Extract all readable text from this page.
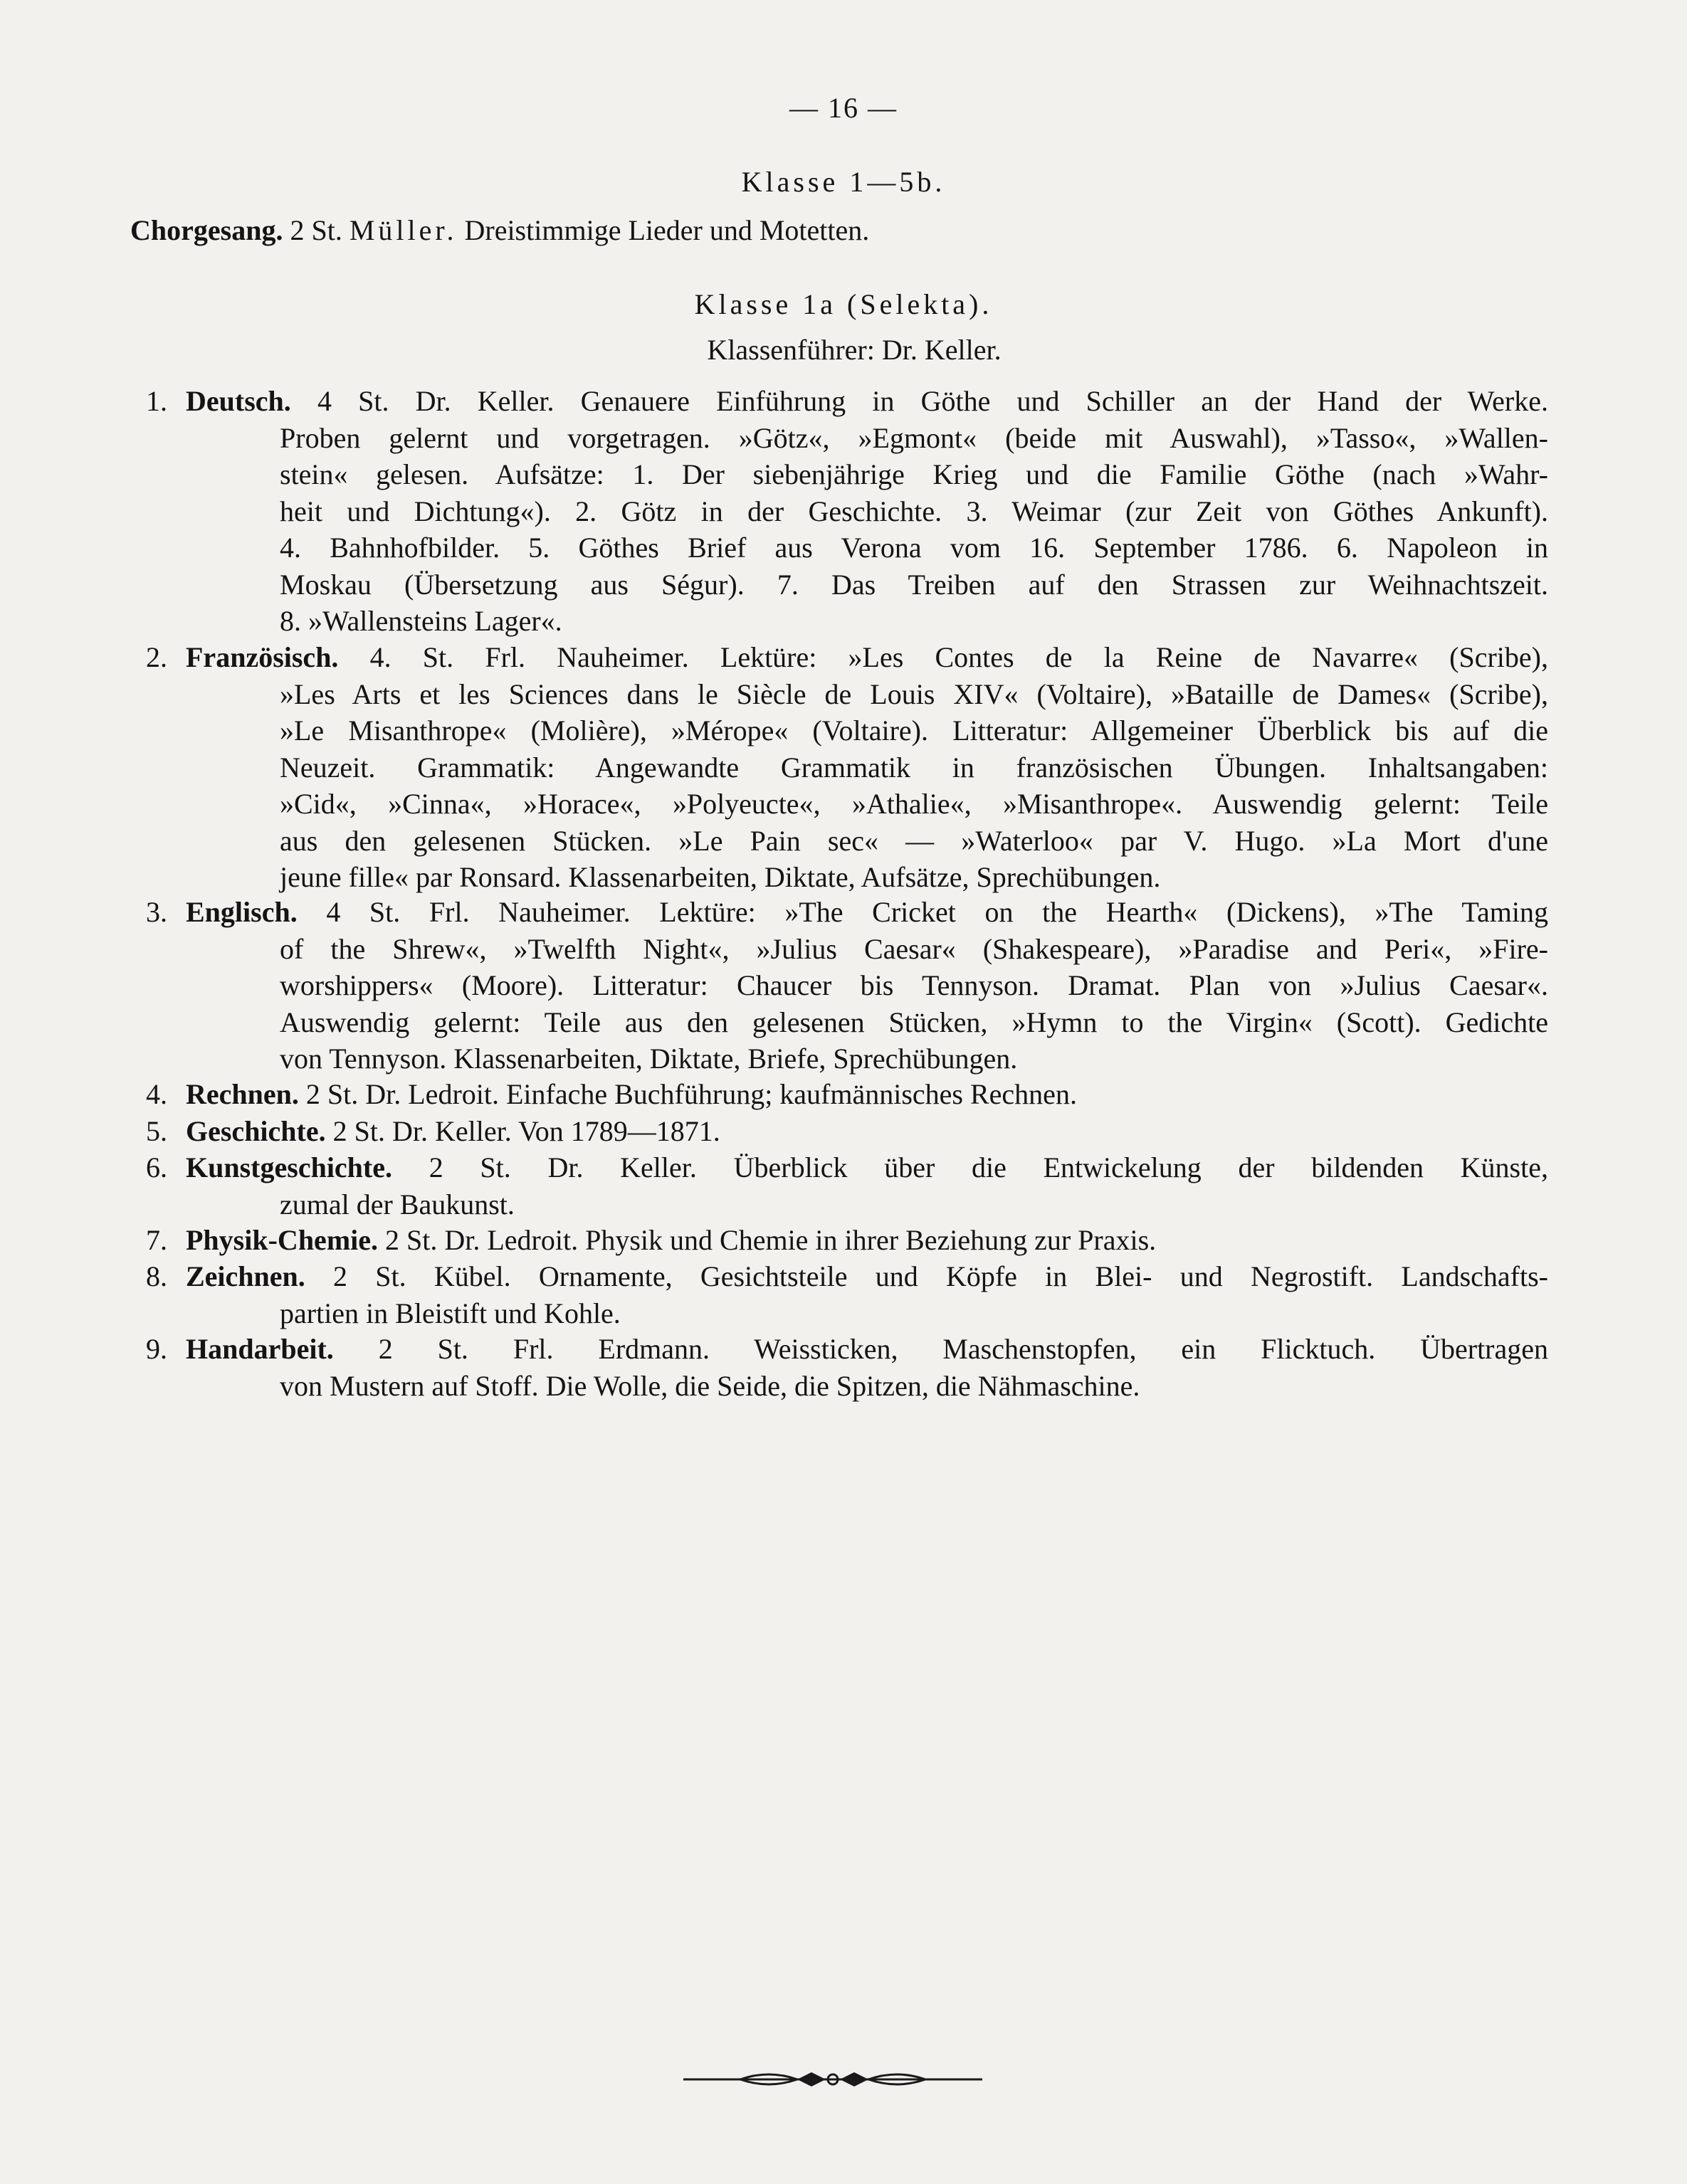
— 16 —
Klasse 1—5b.
Chorgesang. 2 St. Müller. Dreistimmige Lieder und Motetten.
Klasse 1a (Selekta).
Klassenführer: Dr. Keller.
1. Deutsch. 4 St. Dr. Keller. Genauere Einführung in Göthe und Schiller an der Hand der Werke.
Proben gelernt und vorgetragen. »Götz«, »Egmont« (beide mit Auswahl), »Tasso«, »Wallen-
stein« gelesen. Aufsätze: 1. Der siebenjährige Krieg und die Familie Göthe (nach »Wahr-
heit und Dichtung«). 2. Götz in der Geschichte. 3. Weimar (zur Zeit von Göthes Ankunft).
4. Bahnhofbilder. 5. Göthes Brief aus Verona vom 16. September 1786. 6. Napoleon in
Moskau (Übersetzung aus Ségur). 7. Das Treiben auf den Strassen zur Weihnachtszeit.
8. »Wallensteins Lager«.
2. Französisch. 4. St. Frl. Nauheimer. Lektüre: »Les Contes de la Reine de Navarre« (Scribe),
»Les Arts et les Sciences dans le Siècle de Louis XIV« (Voltaire), »Bataille de Dames« (Scribe),
»Le Misanthrope« (Molière), »Mérope« (Voltaire). Litteratur: Allgemeiner Überblick bis auf die
Neuzeit. Grammatik: Angewandte Grammatik in französischen Übungen. Inhaltsangaben:
»Cid«, »Cinna«, »Horace«, »Polyeucte«, »Athalie«, »Misanthrope«. Auswendig gelernt: Teile
aus den gelesenen Stücken. »Le Pain sec« — »Waterloo« par V. Hugo. »La Mort d'une
jeune fille« par Ronsard. Klassenarbeiten, Diktate, Aufsätze, Sprechübungen.
3. Englisch. 4 St. Frl. Nauheimer. Lektüre: »The Cricket on the Hearth« (Dickens), »The Taming
of the Shrew«, »Twelfth Night«, »Julius Caesar« (Shakespeare), »Paradise and Peri«, »Fire-
worshippers« (Moore). Litteratur: Chaucer bis Tennyson. Dramat. Plan von »Julius Caesar«.
Auswendig gelernt: Teile aus den gelesenen Stücken, »Hymn to the Virgin« (Scott). Gedichte
von Tennyson. Klassenarbeiten, Diktate, Briefe, Sprechübungen.
4. Rechnen. 2 St. Dr. Ledroit. Einfache Buchführung; kaufmännisches Rechnen.
5. Geschichte. 2 St. Dr. Keller. Von 1789—1871.
6. Kunstgeschichte. 2 St. Dr. Keller. Überblick über die Entwickelung der bildenden Künste,
zumal der Baukunst.
7. Physik-Chemie. 2 St. Dr. Ledroit. Physik und Chemie in ihrer Beziehung zur Praxis.
8. Zeichnen. 2 St. Kübel. Ornamente, Gesichtsteile und Köpfe in Blei- und Negrostift. Landschafts-
partien in Bleistift und Kohle.
9. Handarbeit. 2 St. Frl. Erdmann. Weissticken, Maschenstopfen, ein Flicktuch. Übertragen
von Mustern auf Stoff. Die Wolle, die Seide, die Spitzen, die Nähmaschine.
